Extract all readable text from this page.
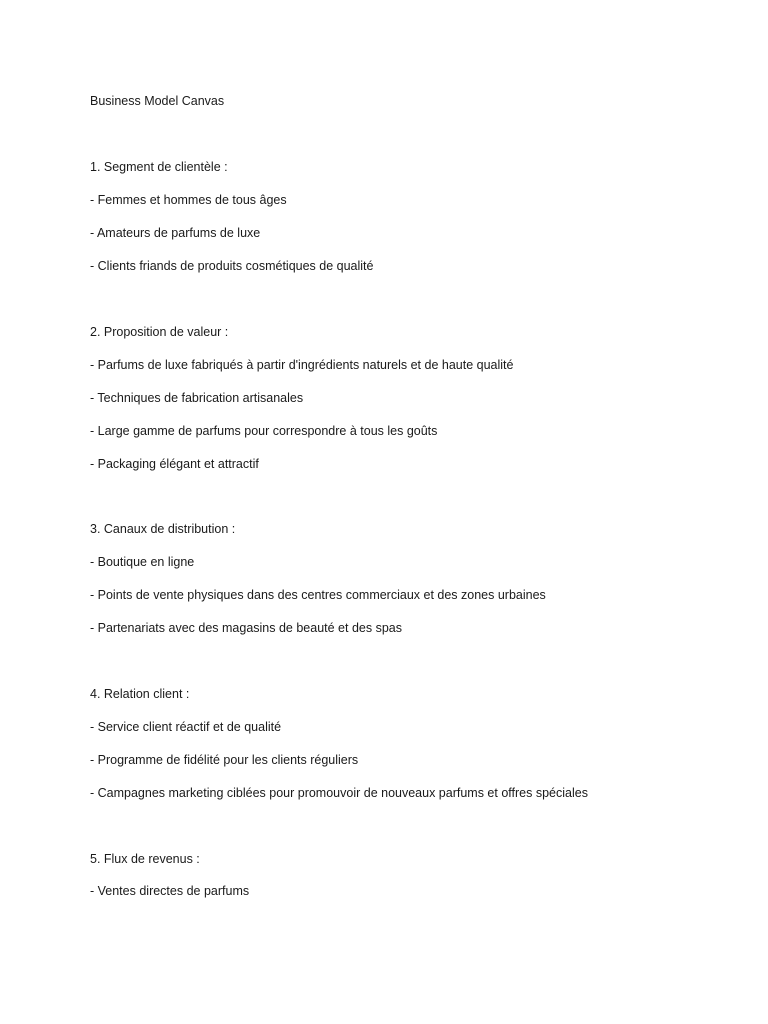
Business Model Canvas
1. Segment de clientèle :
- Femmes et hommes de tous âges
- Amateurs de parfums de luxe
- Clients friands de produits cosmétiques de qualité
2. Proposition de valeur :
- Parfums de luxe fabriqués à partir d'ingrédients naturels et de haute qualité
- Techniques de fabrication artisanales
- Large gamme de parfums pour correspondre à tous les goûts
- Packaging élégant et attractif
3. Canaux de distribution :
- Boutique en ligne
- Points de vente physiques dans des centres commerciaux et des zones urbaines
- Partenariats avec des magasins de beauté et des spas
4. Relation client :
- Service client réactif et de qualité
- Programme de fidélité pour les clients réguliers
- Campagnes marketing ciblées pour promouvoir de nouveaux parfums et offres spéciales
5. Flux de revenus :
- Ventes directes de parfums
